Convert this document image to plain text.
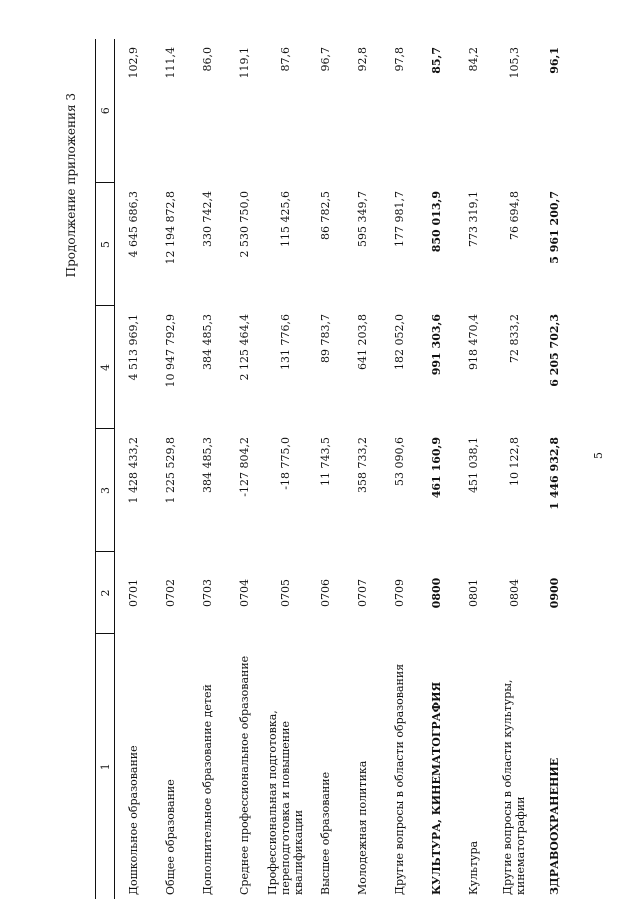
5
Продолжение приложения 3
1	2	3	4	5	6
Дошкольное образование	0701	1 428 433,2	4 513 969,1	4 645 686,3	102,9
Общее образование	0702	1 225 529,8	10 947 792,9	12 194 872,8	111,4
Дополнительное образование детей	0703	384 485,3	384 485,3	330 742,4	86,0
Среднее профессиональное образование	0704	-127 804,2	2 125 464,4	2 530 750,0	119,1
Профессиональная подготовка, переподготовка и повышение квалификации	0705	-18 775,0	131 776,6	115 425,6	87,6
Высшее образование	0706	11 743,5	89 783,7	86 782,5	96,7
Молодежная политика	0707	358 733,2	641 203,8	595 349,7	92,8
Другие вопросы в области образования	0709	53 090,6	182 052,0	177 981,7	97,8
КУЛЬТУРА, КИНЕМАТОГРАФИЯ	0800	461 160,9	991 303,6	850 013,9	85,7
Культура	0801	451 038,1	918 470,4	773 319,1	84,2
Другие вопросы в области культуры, кинематографии	0804	10 122,8	72 833,2	76 694,8	105,3
ЗДРАВООХРАНЕНИЕ	0900	1 446 932,8	6 205 702,3	5 961 200,7	96,1
